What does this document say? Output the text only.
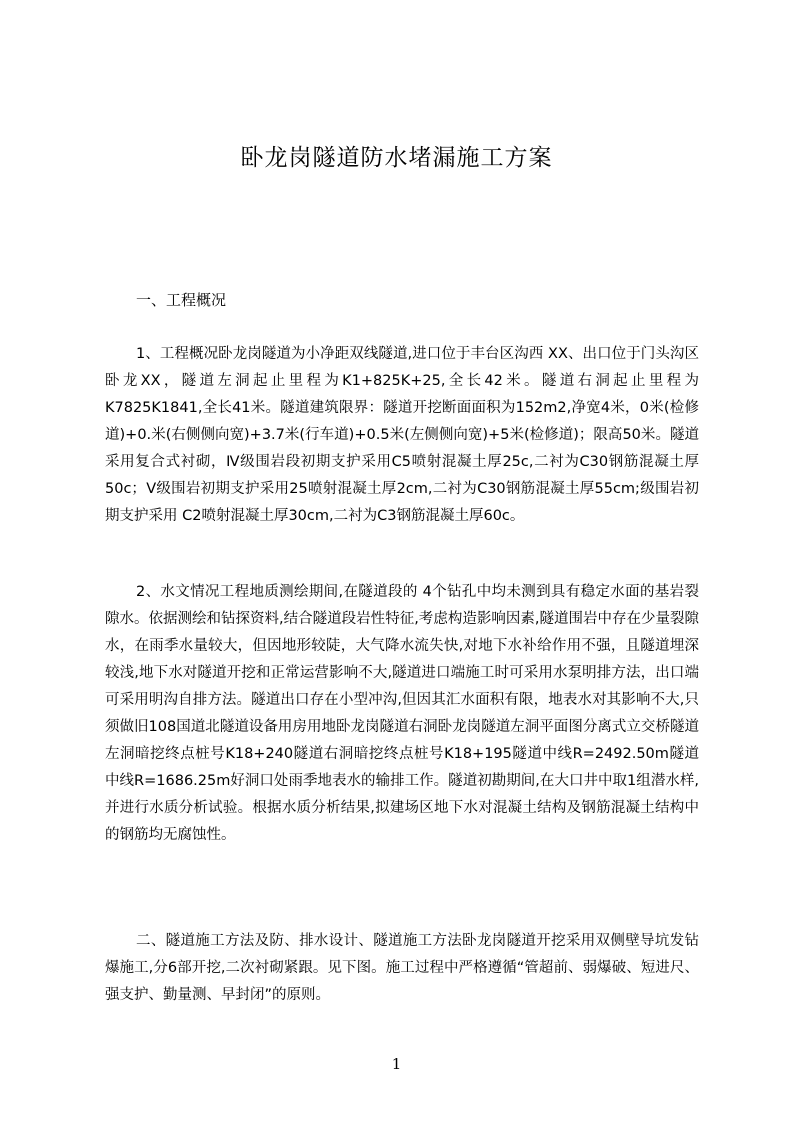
卧龙岗隧道防水堵漏施工方案
一、工程概况

1、工程概况卧龙岗隧道为小净距双线隧道,进口位于丰台区沟西 XX、出口位于门头沟区卧龙XX，隧道左洞起止里程为K1+825K+25,全长42米。隧道右洞起止里程为K7825K1841,全长41米。隧道建筑限界：隧道开挖断面面积为152m2,净宽4米，0米(检修道)+0.米(右侧侧向宽)+3.7米(行车道)+0.5米(左侧侧向宽)+5米(检修道)；限高50米。隧道采用复合式衬砌，Ⅳ级围岩段初期支护采用C5喷射混凝土厚25c,二衬为C30钢筋混凝土厚50c；Ⅴ级围岩初期支护采用25喷射混凝土厚2cm,二衬为C30钢筋混凝土厚55cm;级围岩初期支护采用 C2喷射混凝土厚30cm,二衬为C3钢筋混凝土厚60c。

2、水文情况工程地质测绘期间,在隧道段的 4个钻孔中均未测到具有稳定水面的基岩裂隙水。依据测绘和钻探资料,结合隧道段岩性特征,考虑构造影响因素,隧道围岩中存在少量裂隙水，在雨季水量较大，但因地形较陡，大气降水流失快,对地下水补给作用不强，且隧道埋深较浅,地下水对隧道开挖和正常运营影响不大,隧道进口端施工时可采用水泵明排方法，出口端可采用明沟自排方法。隧道出口存在小型冲沟,但因其汇水面积有限，地表水对其影响不大,只须做旧108国道北隧道设备用房用地卧龙岗隧道右洞卧龙岗隧道左洞平面图分离式立交桥隧道左洞暗挖终点桩号K18+240隧道右洞暗挖终点桩号K18+195隧道中线R=2492.50m隧道中线R=1686.25m好洞口处雨季地表水的输排工作。隧道初勘期间,在大口井中取1组潜水样,并进行水质分析试验。根据水质分析结果,拟建场区地下水对混凝土结构及钢筋混凝土结构中的钢筋均无腐蚀性。

二、隧道施工方法及防、排水设计、隧道施工方法卧龙岗隧道开挖采用双侧壁导坑发钻爆施工,分6部开挖,二次衬砌紧跟。见下图。施工过程中严格遵循“管超前、弱爆破、短进尺、强支护、勤量测、早封闭”的原则。

1
